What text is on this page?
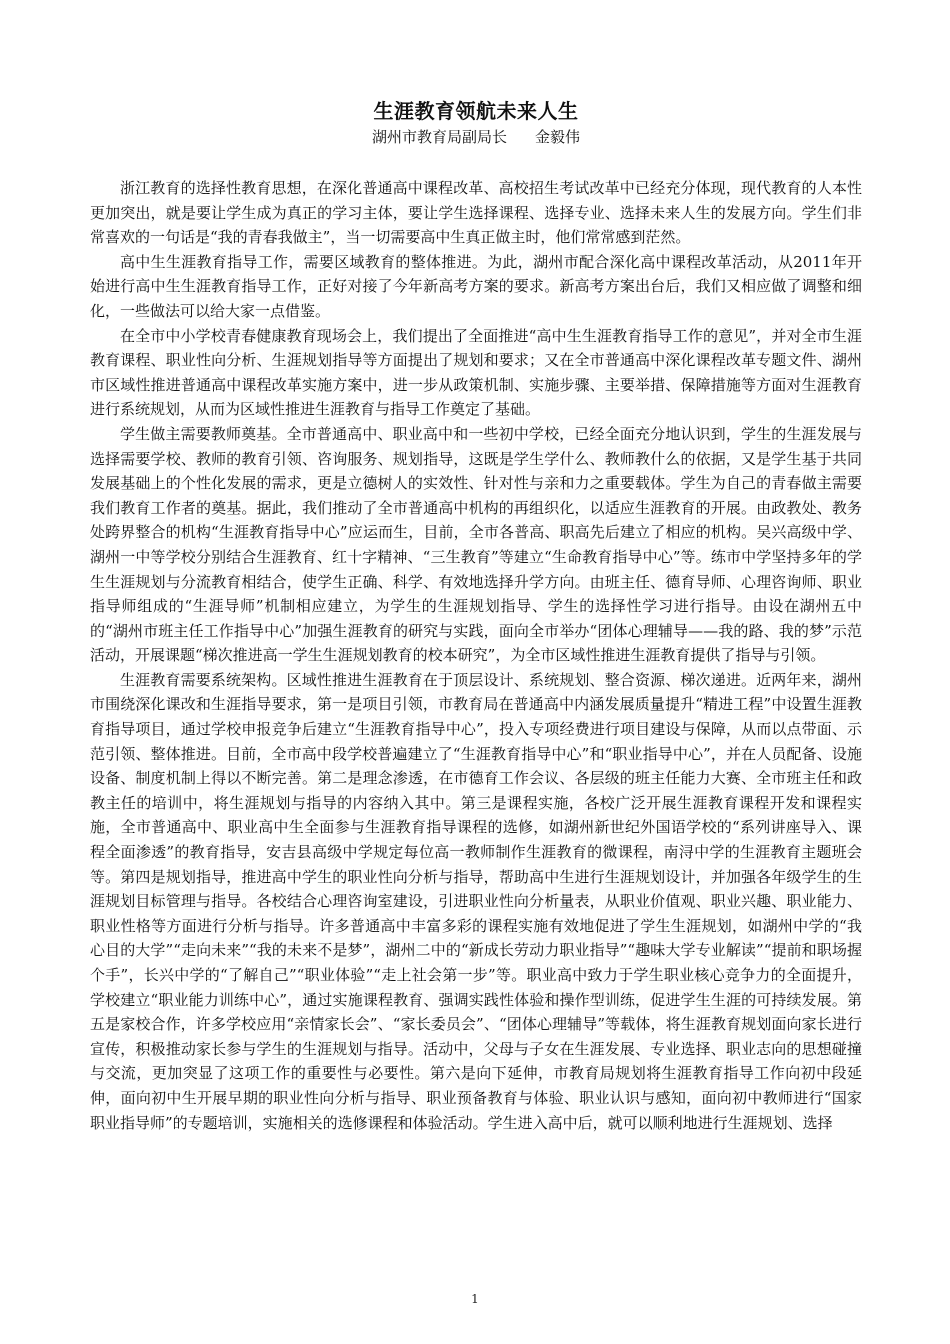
生涯教育领航未来人生

湖州市教育局副局长 金毅伟

浙江教育的选择性教育思想，在深化普通高中课程改革、高校招生考试改革中已经充分体现，现代教育的人本性更加突出，就是要让学生成为真正的学习主体，要让学生选择课程、选择专业、选择未来人生的发展方向。学生们非常喜欢的一句话是“我的青春我做主”，当一切需要高中生真正做主时，他们常常感到茫然。

高中生生涯教育指导工作，需要区域教育的整体推进。为此，湖州市配合深化高中课程改革活动，从2011年开始进行高中生生涯教育指导工作，正好对接了今年新高考方案的要求。新高考方案出台后，我们又相应做了调整和细化，一些做法可以给大家一点借鉴。

在全市中小学校青春健康教育现场会上，我们提出了全面推进“高中生生涯教育指导工作的意见”，并对全市生涯教育课程、职业性向分析、生涯规划指导等方面提出了规划和要求；又在全市普通高中深化课程改革专题文件、湖州市区域性推进普通高中课程改革实施方案中，进一步从政策机制、实施步骤、主要举措、保障措施等方面对生涯教育进行系统规划，从而为区域性推进生涯教育与指导工作奠定了基础。

学生做主需要教师奠基。全市普通高中、职业高中和一些初中学校，已经全面充分地认识到，学生的生涯发展与选择需要学校、教师的教育引领、咨询服务、规划指导，这既是学生学什么、教师教什么的依据，又是学生基于共同发展基础上的个性化发展的需求，更是立德树人的实效性、针对性与亲和力之重要载体。学生为自己的青春做主需要我们教育工作者的奠基。据此，我们推动了全市普通高中机构的再组织化，以适应生涯教育的开展。由政教处、教务处跨界整合的机构“生涯教育指导中心”应运而生，目前，全市各普高、职高先后建立了相应的机构。吴兴高级中学、湖州一中等学校分别结合生涯教育、红十字精神、“三生教育”等建立“生命教育指导中心”等。练市中学坚持多年的学生生涯规划与分流教育相结合，使学生正确、科学、有效地选择升学方向。由班主任、德育导师、心理咨询师、职业指导师组成的“生涯导师”机制相应建立，为学生的生涯规划指导、学生的选择性学习进行指导。由设在湖州五中的“湖州市班主任工作指导中心”加强生涯教育的研究与实践，面向全市举办“团体心理辅导——我的路、我的梦”示范活动，开展课题“梯次推进高一学生生涯规划教育的校本研究”，为全市区域性推进生涯教育提供了指导与引领。

生涯教育需要系统架构。区域性推进生涯教育在于顶层设计、系统规划、整合资源、梯次递进。近两年来，湖州市围绕深化课改和生涯指导要求，第一是项目引领，市教育局在普通高中内涵发展质量提升“精进工程”中设置生涯教育指导项目，通过学校申报竞争后建立“生涯教育指导中心”，投入专项经费进行项目建设与保障，从而以点带面、示范引领、整体推进。目前，全市高中段学校普遍建立了“生涯教育指导中心”和“职业指导中心”，并在人员配备、设施设备、制度机制上得以不断完善。第二是理念渗透，在市德育工作会议、各层级的班主任能力大赛、全市班主任和政教主任的培训中，将生涯规划与指导的内容纳入其中。第三是课程实施，各校广泛开展生涯教育课程开发和课程实施，全市普通高中、职业高中生全面参与生涯教育指导课程的选修，如湖州新世纪外国语学校的“系列讲座导入、课程全面渗透”的教育指导，安吉县高级中学规定每位高一教师制作生涯教育的微课程，南浔中学的生涯教育主题班会等。第四是规划指导，推进高中学生的职业性向分析与指导，帮助高中生进行生涯规划设计，并加强各年级学生的生涯规划目标管理与指导。各校结合心理咨询室建设，引进职业性向分析量表，从职业价值观、职业兴趣、职业能力、职业性格等方面进行分析与指导。许多普通高中丰富多彩的课程实施有效地促进了学生生涯规划，如湖州中学的“我心目的大学”“走向未来”“我的未来不是梦”，湖州二中的“新成长劳动力职业指导”“趣味大学专业解读”“提前和职场握个手”，长兴中学的“了解自己”“职业体验”“走上社会第一步”等。职业高中致力于学生职业核心竞争力的全面提升，学校建立“职业能力训练中心”，通过实施课程教育、强调实践性体验和操作型训练，促进学生生涯的可持续发展。第五是家校合作，许多学校应用“亲情家长会”、“家长委员会”、“团体心理辅导”等载体，将生涯教育规划面向家长进行宣传，积极推动家长参与学生的生涯规划与指导。活动中，父母与子女在生涯发展、专业选择、职业志向的思想碰撞与交流，更加突显了这项工作的重要性与必要性。第六是向下延伸，市教育局规划将生涯教育指导工作向初中段延伸，面向初中生开展早期的职业性向分析与指导、职业预备教育与体验、职业认识与感知，面向初中教师进行“国家职业指导师”的专题培训，实施相关的选修课程和体验活动。学生进入高中后，就可以顺利地进行生涯规划、选择

1
